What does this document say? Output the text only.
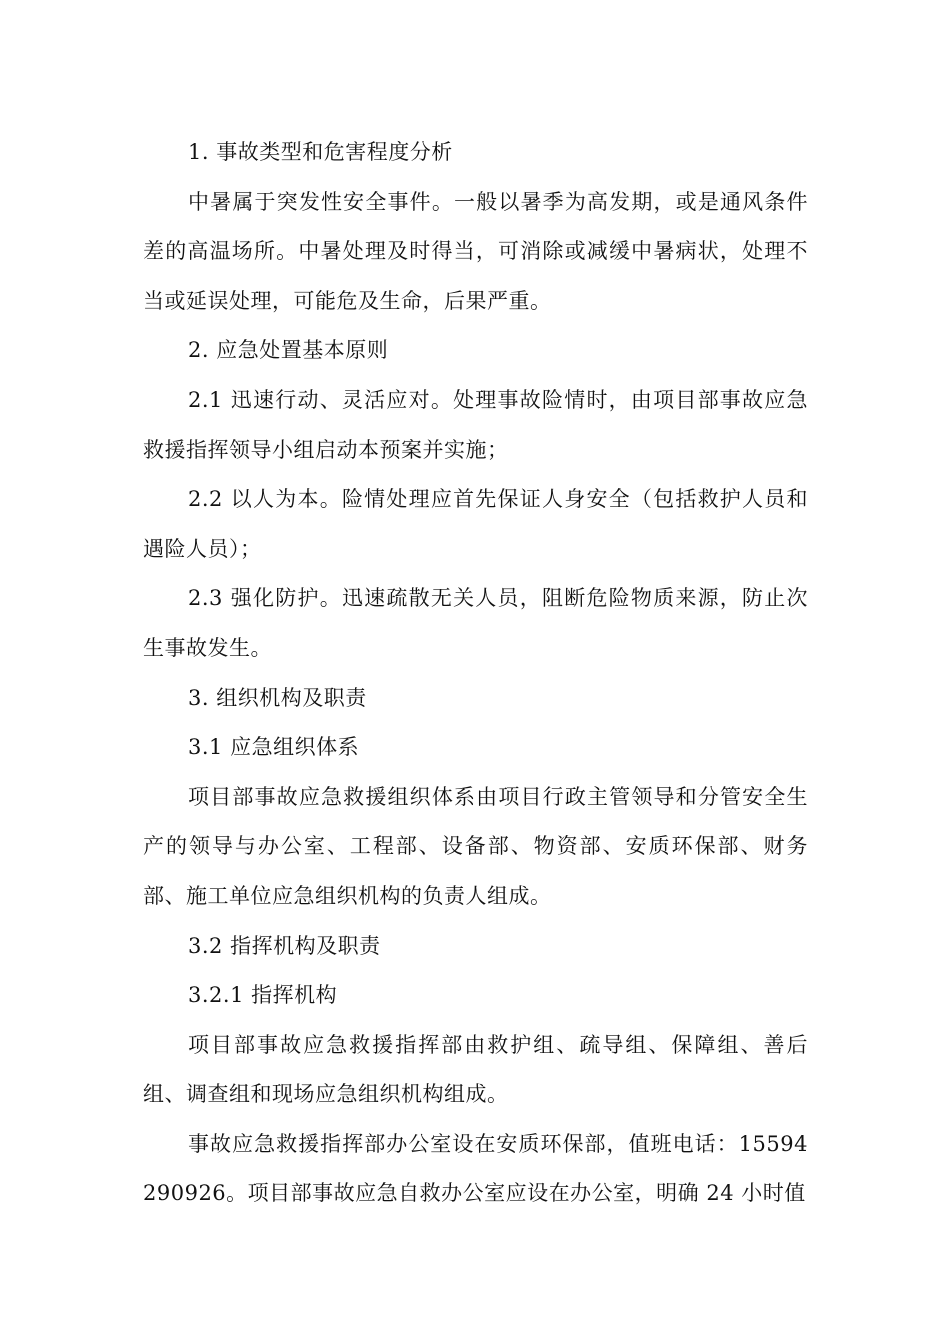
1. 事故类型和危害程度分析

中暑属于突发性安全事件。一般以暑季为高发期，或是通风条件差的高温场所。中暑处理及时得当，可消除或减缓中暑病状，处理不当或延误处理，可能危及生命，后果严重。

2. 应急处置基本原则

2.1 迅速行动、灵活应对。处理事故险情时，由项目部事故应急救援指挥领导小组启动本预案并实施；

2.2 以人为本。险情处理应首先保证人身安全（包括救护人员和遇险人员）；

2.3 强化防护。迅速疏散无关人员，阻断危险物质来源，防止次生事故发生。

3. 组织机构及职责

3.1 应急组织体系

项目部事故应急救援组织体系由项目行政主管领导和分管安全生产的领导与办公室、工程部、设备部、物资部、安质环保部、财务部、施工单位应急组织机构的负责人组成。

3.2 指挥机构及职责

3.2.1 指挥机构

项目部事故应急救援指挥部由救护组、疏导组、保障组、善后组、调查组和现场应急组织机构组成。

事故应急救援指挥部办公室设在安质环保部，值班电话：15594290926。项目部事故应急自救办公室应设在办公室，明确 24 小时值
